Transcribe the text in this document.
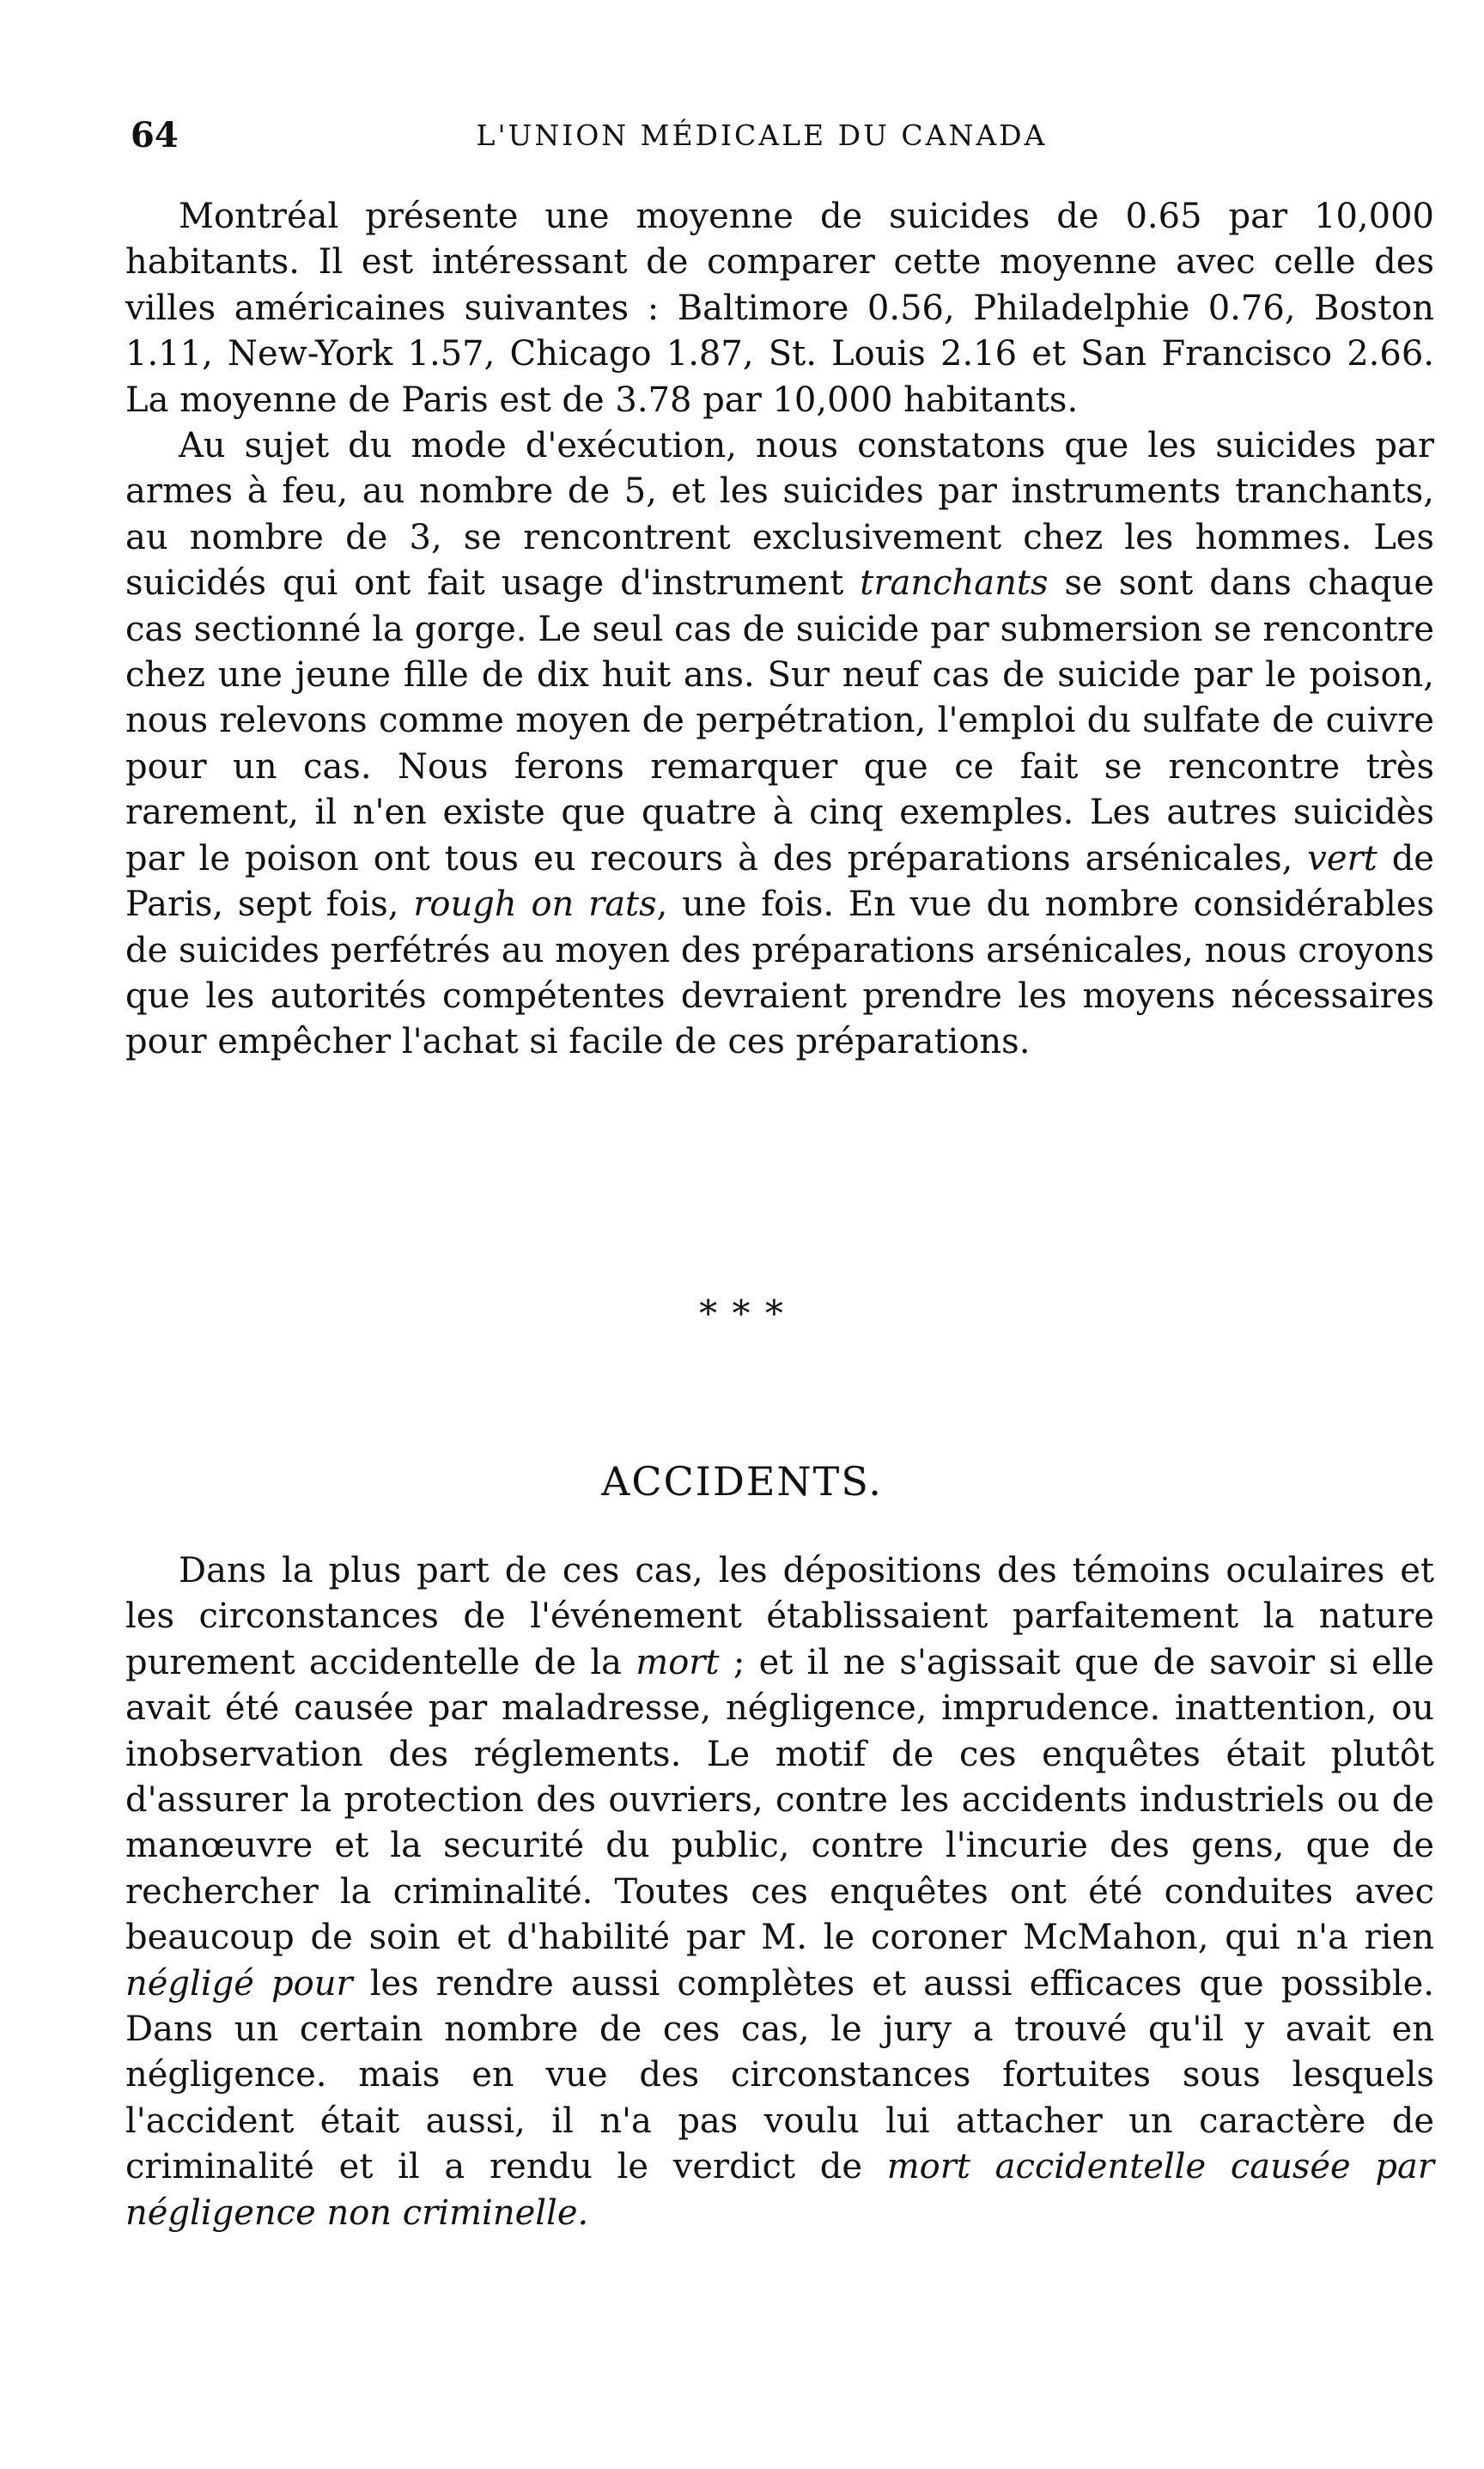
64	L'UNION MÉDICALE DU CANADA

Montréal présente une moyenne de suicides de 0.65 par 10,000 habitants. Il est intéressant de comparer cette moyenne avec celle des villes américaines suivantes : Baltimore 0.56, Philadelphie 0.76, Boston 1.11, New-York 1.57, Chicago 1.87, St. Louis 2.16 et San Francisco 2.66. La moyenne de Paris est de 3.78 par 10,000 habitants.

Au sujet du mode d'exécution, nous constatons que les suicides par armes à feu, au nombre de 5, et les suicides par instruments tranchants, au nombre de 3, se rencontrent exclusivement chez les hommes. Les suicidés qui ont fait usage d'instrument tranchants se sont dans chaque cas sectionné la gorge. Le seul cas de suicide par submersion se rencontre chez une jeune fille de dix huit ans. Sur neuf cas de suicide par le poison, nous relevons comme moyen de perpétration, l'emploi du sulfate de cuivre pour un cas. Nous ferons remarquer que ce fait se rencontre très rarement, il n'en existe que quatre à cinq exemples. Les autres suicidès par le poison ont tous eu recours à des préparations arsénicales, vert de Paris, sept fois, rough on rats, une fois. En vue du nombre considérables de suicides perfétrés au moyen des préparations arsénicales, nous croyons que les autorités compétentes devraient prendre les moyens nécessaires pour empêcher l'achat si facile de ces préparations.

* * *
ACCIDENTS.

Dans la plus part de ces cas, les dépositions des témoins oculaires et les circonstances de l'événement établissaient parfaitement la nature purement accidentelle de la mort ; et il ne s'agissait que de savoir si elle avait été causée par maladresse, négligence, imprudence. inattention, ou inobservation des réglements. Le motif de ces enquêtes était plutôt d'assurer la protection des ouvriers, contre les accidents industriels ou de manœuvre et la securité du public, contre l'incurie des gens, que de rechercher la criminalité. Toutes ces enquêtes ont été conduites avec beaucoup de soin et d'habilité par M. le coroner McMahon, qui n'a rien négligé pour les rendre aussi complètes et aussi efficaces que possible. Dans un certain nombre de ces cas, le jury a trouvé qu'il y avait en négligence. mais en vue des circonstances fortuites sous lesquels l'accident était aussi, il n'a pas voulu lui attacher un caractère de criminalité et il a rendu le verdict de mort accidentelle causée par négligence non criminelle.
